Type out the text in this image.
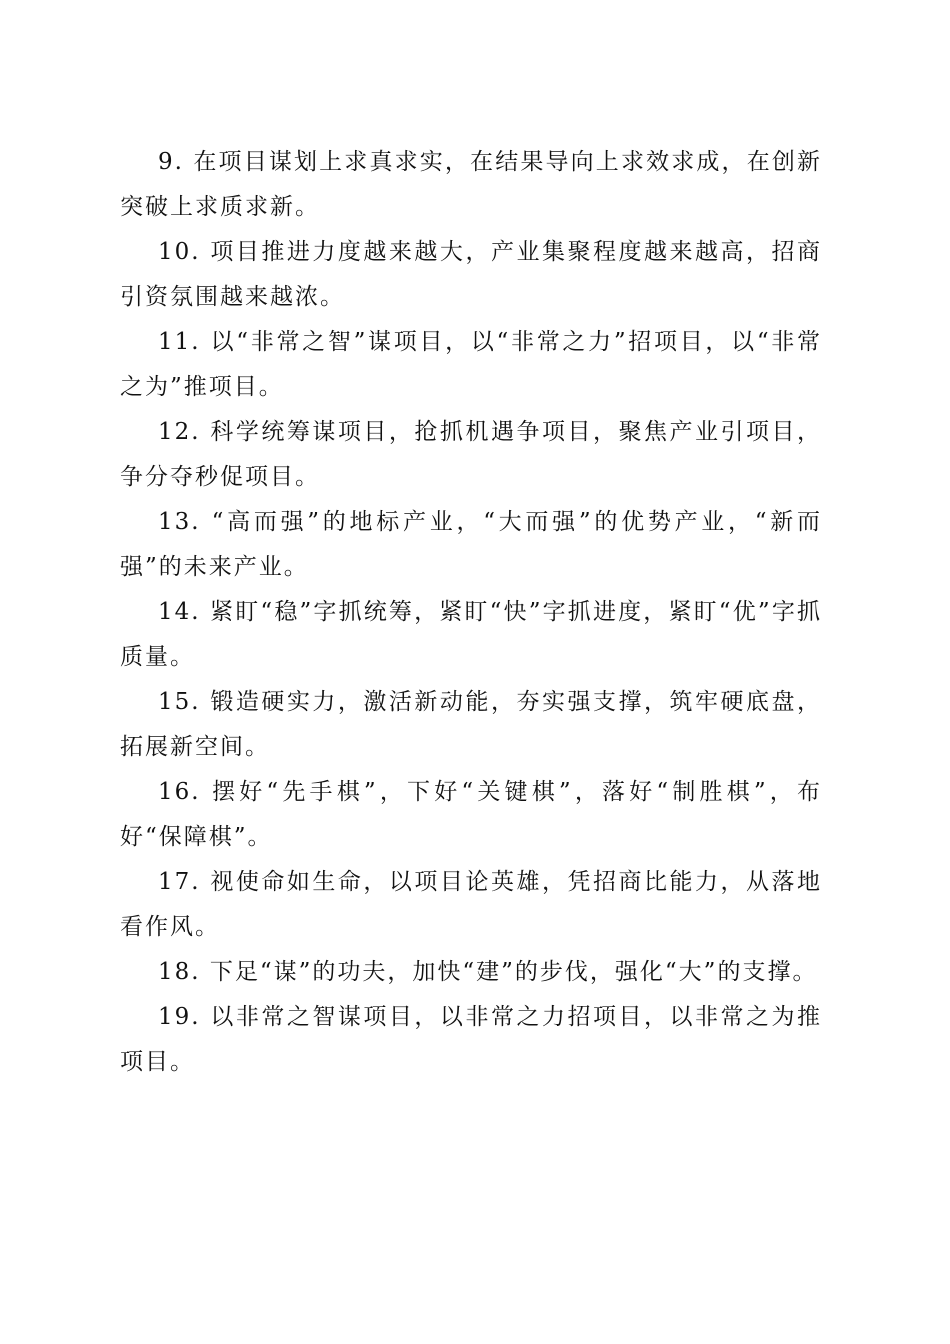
9. 在项目谋划上求真求实，在结果导向上求效求成，在创新突破上求质求新。

10. 项目推进力度越来越大，产业集聚程度越来越高，招商引资氛围越来越浓。

11. 以“非常之智”谋项目，以“非常之力”招项目，以“非常之为”推项目。

12. 科学统筹谋项目，抢抓机遇争项目，聚焦产业引项目，争分夺秒促项目。

13. “高而强”的地标产业，“大而强”的优势产业，“新而强”的未来产业。

14. 紧盯“稳”字抓统筹，紧盯“快”字抓进度，紧盯“优”字抓质量。

15. 锻造硬实力，激活新动能，夯实强支撑，筑牢硬底盘，拓展新空间。

16. 摆好“先手棋”，下好“关键棋”，落好“制胜棋”，布好“保障棋”。

17. 视使命如生命，以项目论英雄，凭招商比能力，从落地看作风。

18. 下足“谋”的功夫，加快“建”的步伐，强化“大”的支撑。

19. 以非常之智谋项目，以非常之力招项目，以非常之为推项目。
